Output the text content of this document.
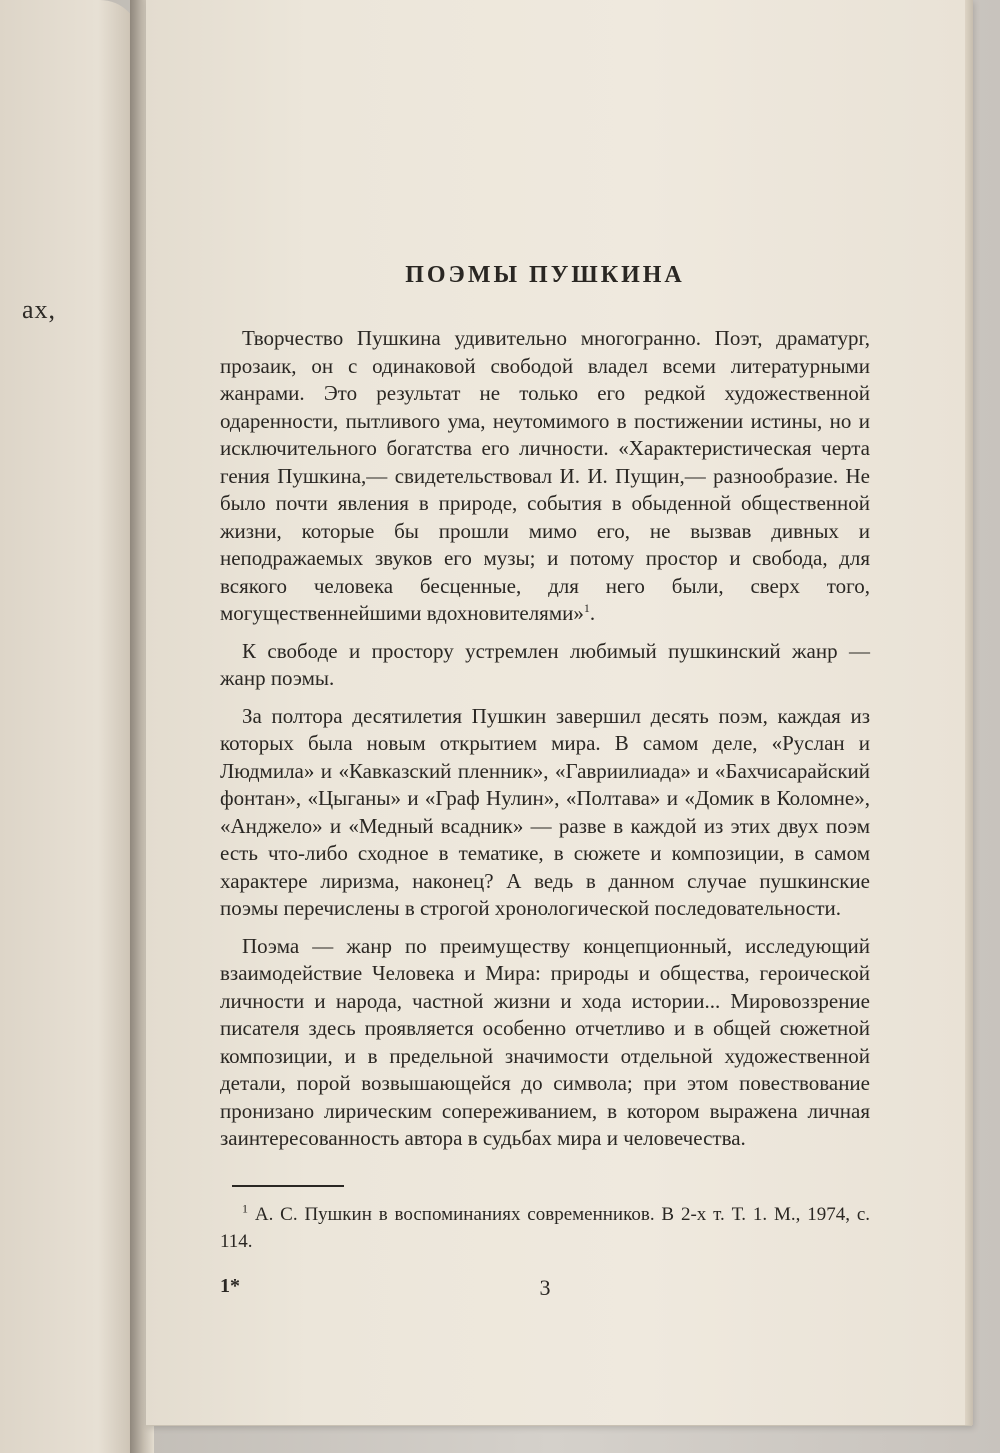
ах,
ПОЭМЫ ПУШКИНА

Творчество Пушкина удивительно многогранно. Поэт, драматург, прозаик, он с одинаковой свободой владел всеми литературными жанрами. Это результат не только его редкой художественной одаренности, пытливого ума, неутомимого в постижении истины, но и исключительного богатства его личности. «Характеристическая черта гения Пушкина,— свидетельствовал И. И. Пущин,— разнообразие. Не было почти явления в природе, события в обыденной общественной жизни, которые бы прошли мимо его, не вызвав дивных и неподражаемых звуков его музы; и потому простор и свобода, для всякого человека бесценные, для него были, сверх того, могущественнейшими вдохновителями»$^1$.

К свободе и простору устремлен любимый пушкинский жанр — жанр поэмы.

За полтора десятилетия Пушкин завершил десять поэм, каждая из которых была новым открытием мира. В самом деле, «Руслан и Людмила» и «Кавказский пленник», «Гавриилиада» и «Бахчисарайский фонтан», «Цыганы» и «Граф Нулин», «Полтава» и «Домик в Коломне», «Анджело» и «Медный всадник» — разве в каждой из этих двух поэм есть что-либо сходное в тематике, в сюжете и композиции, в самом характере лиризма, наконец? А ведь в данном случае пушкинские поэмы перечислены в строгой хронологической последовательности.

Поэма — жанр по преимуществу концепционный, исследующий взаимодействие Человека и Мира: природы и общества, героической личности и народа, частной жизни и хода истории... Мировоззрение писателя здесь проявляется особенно отчетливо и в общей сюжетной композиции, и в предельной значимости отдельной художественной детали, порой возвышающейся до символа; при этом повествование пронизано лирическим сопереживанием, в котором выражена личная заинтересованность автора в судьбах мира и человечества.

$^1$ А. С. Пушкин в воспоминаниях современников. В 2-х т. Т. 1. М., 1974, с. 114.

1*	3
